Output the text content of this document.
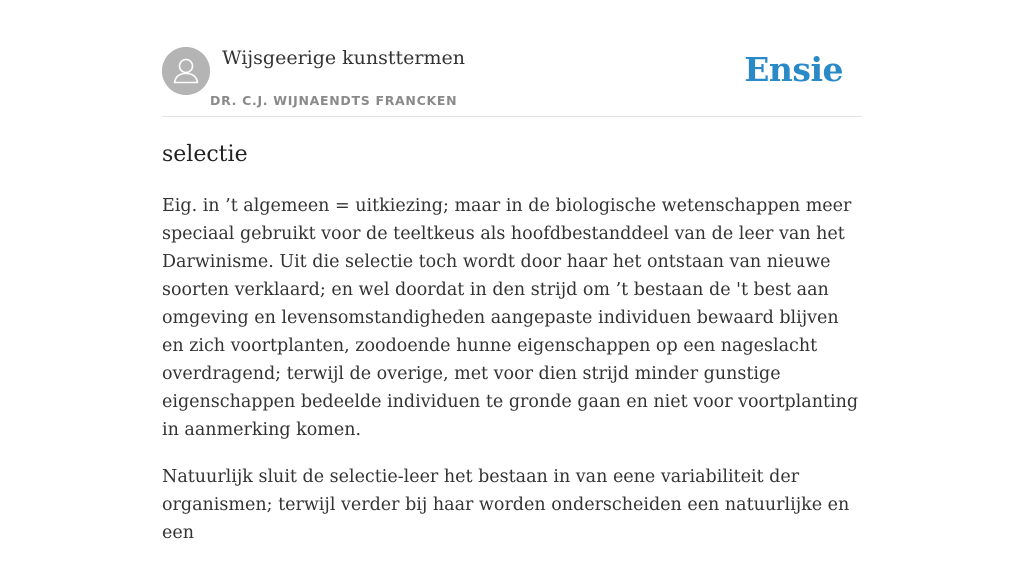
Wijsgeerige kunsttermen
DR. C.J. WIJNAENDTS FRANCKEN
Ensie
selectie

Eig. in ’t algemeen = uitkiezing; maar in de biologische wetenschappen meer speciaal gebruikt voor de teeltkeus als hoofdbestanddeel van de leer van het Darwinisme. Uit die selectie toch wordt door haar het ontstaan van nieuwe soorten verklaard; en wel doordat in den strijd om ’t bestaan de 't best aan omgeving en levensomstandigheden aangepaste individuen bewaard blijven en zich voortplanten, zoodoende hunne eigenschappen op een nageslacht overdragend; terwijl de overige, met voor dien strijd minder gunstige eigenschappen bedeelde individuen te gronde gaan en niet voor voortplanting in aanmerking komen.

Natuurlijk sluit de selectie-leer het bestaan in van eene variabiliteit der organismen; terwijl verder bij haar worden onderscheiden een natuurlijke en een
